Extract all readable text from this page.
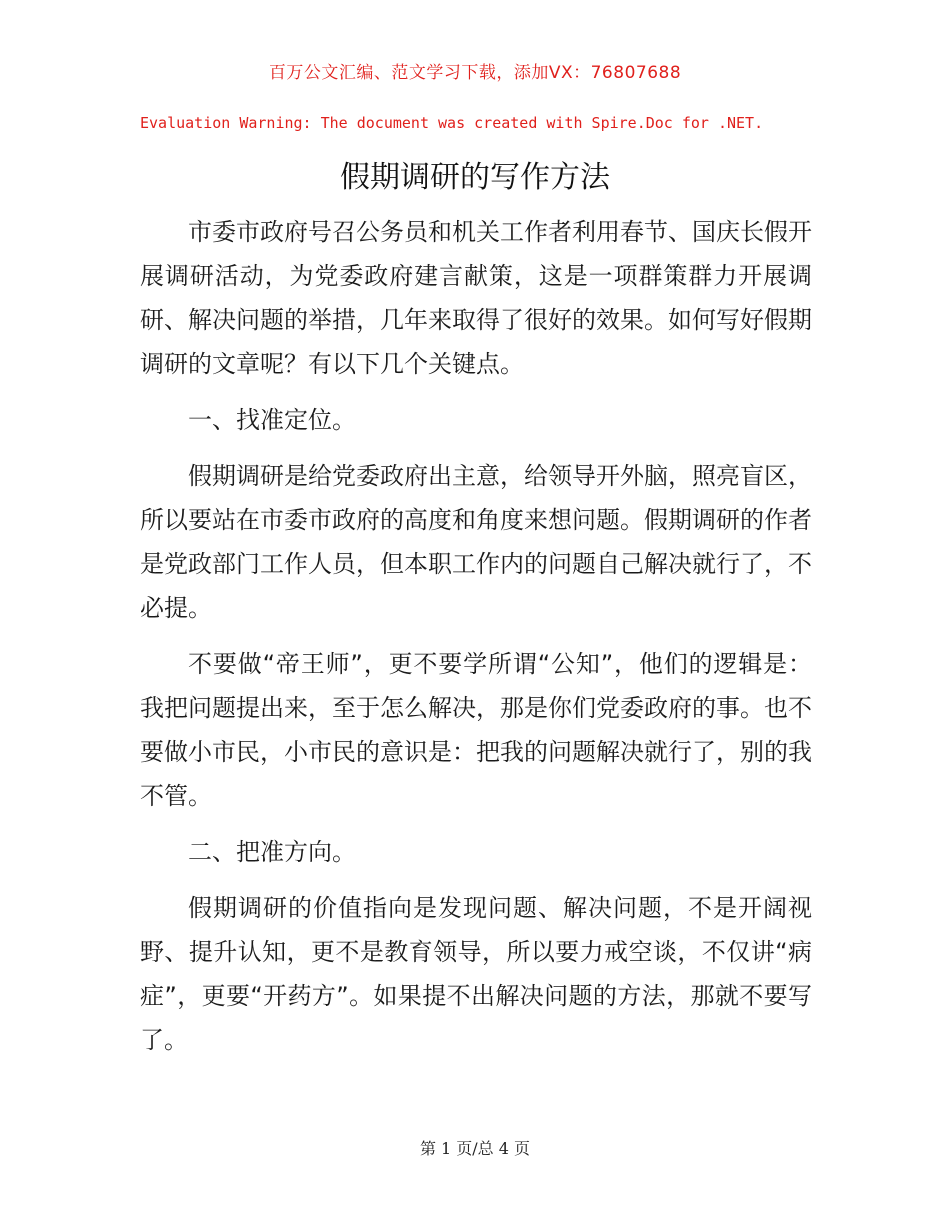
百万公文汇编、范文学习下载，添加VX：76807688
Evaluation Warning: The document was created with Spire.Doc for .NET.
假期调研的写作方法

市委市政府号召公务员和机关工作者利用春节、国庆长假开展调研活动，为党委政府建言献策，这是一项群策群力开展调研、解决问题的举措，几年来取得了很好的效果。如何写好假期调研的文章呢？有以下几个关键点。

一、找准定位。

假期调研是给党委政府出主意，给领导开外脑，照亮盲区，所以要站在市委市政府的高度和角度来想问题。假期调研的作者是党政部门工作人员，但本职工作内的问题自己解决就行了，不必提。

不要做“帝王师”，更不要学所谓“公知”，他们的逻辑是：我把问题提出来，至于怎么解决，那是你们党委政府的事。也不要做小市民，小市民的意识是：把我的问题解决就行了，别的我不管。

二、把准方向。

假期调研的价值指向是发现问题、解决问题，不是开阔视野、提升认知，更不是教育领导，所以要力戒空谈，不仅讲“病症”，更要“开药方”。如果提不出解决问题的方法，那就不要写了。

第 1 页/总 4 页
